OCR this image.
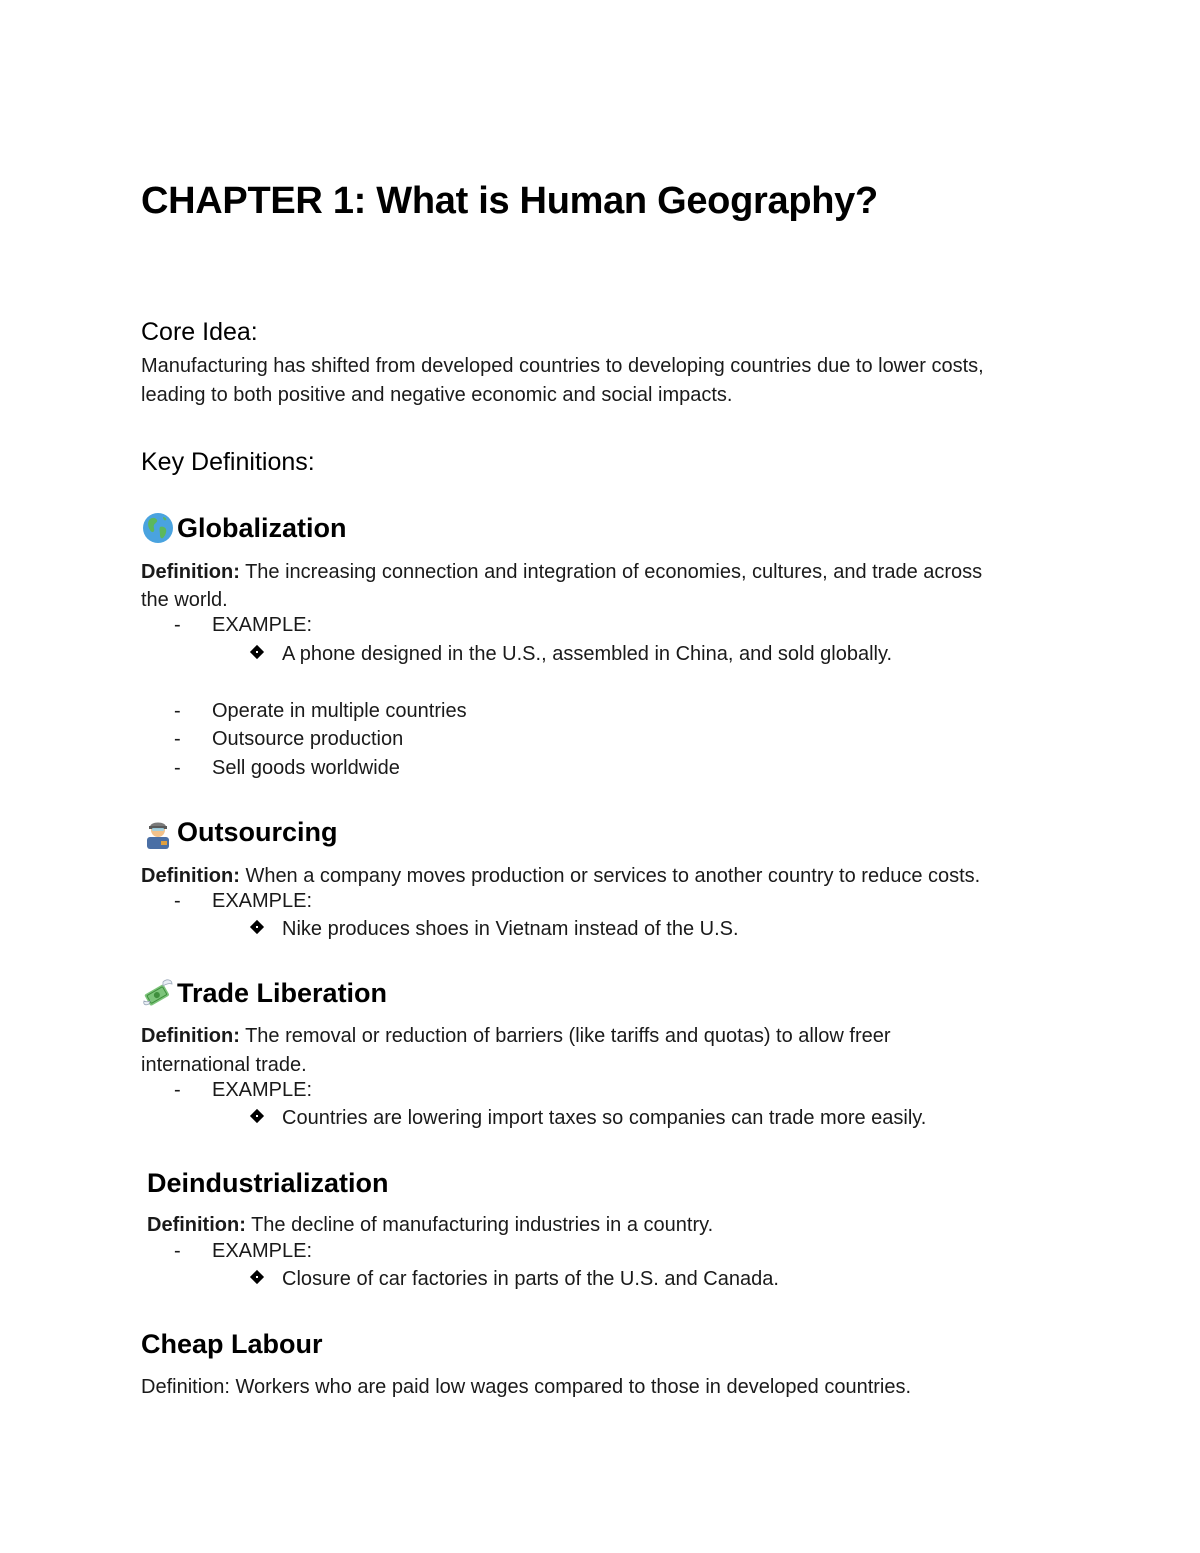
CHAPTER 1: What is Human Geography?
Core Idea:
Manufacturing has shifted from developed countries to developing countries due to lower costs,
leading to both positive and negative economic and social impacts.
Key Definitions:
Globalization
Definition: The increasing connection and integration of economies, cultures, and trade across
the world.
- EXAMPLE:
A phone designed in the U.S., assembled in China, and sold globally.
- Operate in multiple countries
- Outsource production
- Sell goods worldwide
Outsourcing
Definition: When a company moves production or services to another country to reduce costs.
- EXAMPLE:
Nike produces shoes in Vietnam instead of the U.S.
Trade Liberation
Definition: The removal or reduction of barriers (like tariffs and quotas) to allow freer
international trade.
- EXAMPLE:
Countries are lowering import taxes so companies can trade more easily.
Deindustrialization
Definition: The decline of manufacturing industries in a country.
- EXAMPLE:
Closure of car factories in parts of the U.S. and Canada.
Cheap Labour
Definition: Workers who are paid low wages compared to those in developed countries.
